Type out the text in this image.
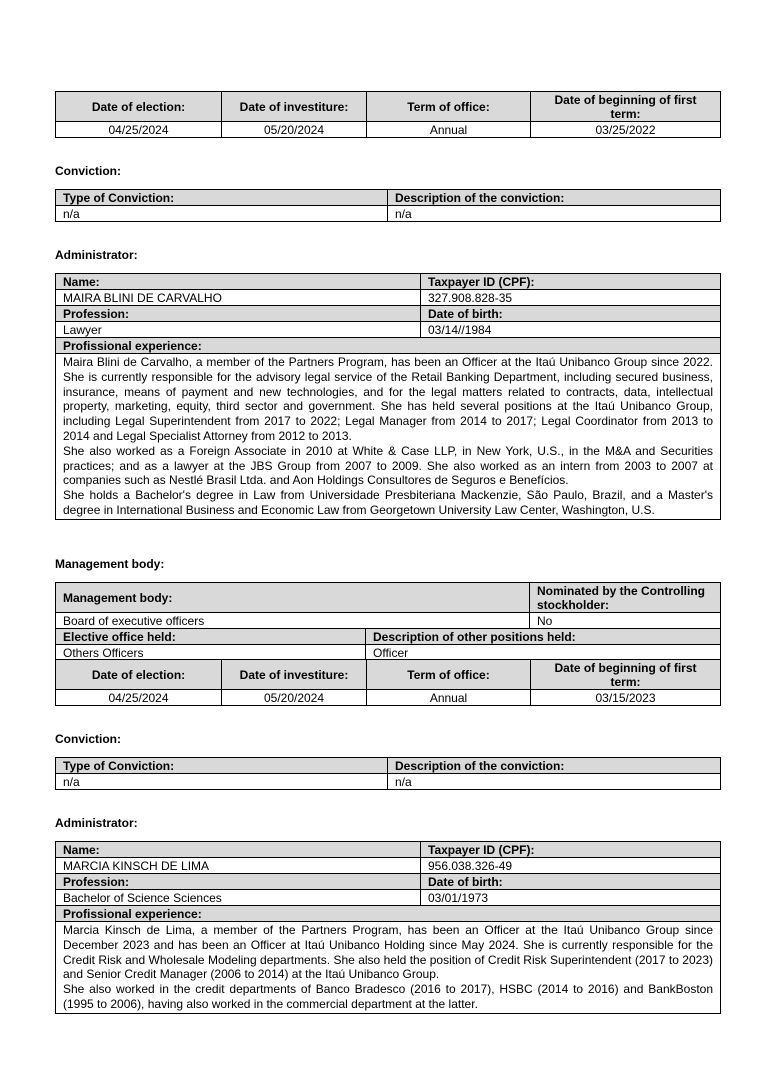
Date of election:	Date of investiture:	Term of office:	Date of beginning of first term:
04/25/2024	05/20/2024	Annual	03/25/2022
Conviction:
Type of Conviction:	Description of the conviction:
n/a	n/a
Administrator:
Name:	Taxpayer ID (CPF):
MAIRA BLINI DE CARVALHO	327.908.828-35
Profession:	Date of birth:
Lawyer	03/14//1984
Profissional experience:	

Maira Blini de Carvalho, a member of the Partners Program, has been an Officer at the Itaú Unibanco Group since 2022. She is currently responsible for the advisory legal service of the Retail Banking Department, including secured business, insurance, means of payment and new technologies, and for the legal matters related to contracts, data, intellectual property, marketing, equity, third sector and government. She has held several positions at the Itaú Unibanco Group, including Legal Superintendent from 2017 to 2022; Legal Manager from 2014 to 2017; Legal Coordinator from 2013 to 2014 and Legal Specialist Attorney from 2012 to 2013.

She also worked as a Foreign Associate in 2010 at White & Case LLP, in New York, U.S., in the M&A and Securities practices; and as a lawyer at the JBS Group from 2007 to 2009. She also worked as an intern from 2003 to 2007 at companies such as Nestlé Brasil Ltda. and Aon Holdings Consultores de Seguros e Benefícios.

She holds a Bachelor's degree in Law from Universidade Presbiteriana Mackenzie, São Paulo, Brazil, and a Master's degree in International Business and Economic Law from Georgetown University Law Center, Washington, U.S.	

Management body:
Management body:	Nominated by the Controlling stockholder:
Board of executive officers	No
Elective office held:	Description of other positions held:
Others Officers	Officer
Date of election:	Date of investiture:	Term of office:	Date of beginning of first term:
04/25/2024	05/20/2024	Annual	03/15/2023
Conviction:
Type of Conviction:	Description of the conviction:
n/a	n/a
Administrator:
Name:	Taxpayer ID (CPF):
MARCIA KINSCH DE LIMA	956.038.326-49
Profession:	Date of birth:
Bachelor of Science Sciences	03/01/1973
Profissional experience:	

Marcia Kinsch de Lima, a member of the Partners Program, has been an Officer at the Itaú Unibanco Group since December 2023 and has been an Officer at Itaú Unibanco Holding since May 2024. She is currently responsible for the Credit Risk and Wholesale Modeling departments. She also held the position of Credit Risk Superintendent (2017 to 2023) and Senior Credit Manager (2006 to 2014) at the Itaú Unibanco Group.

She also worked in the credit departments of Banco Bradesco (2016 to 2017), HSBC (2014 to 2016) and BankBoston (1995 to 2006), having also worked in the commercial department at the latter.	
